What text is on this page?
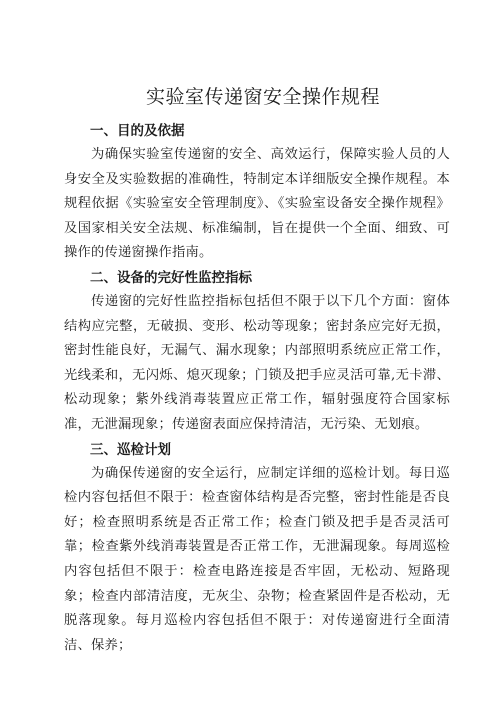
实验室传递窗安全操作规程
一、目的及依据

为确保实验室传递窗的安全、高效运行，保障实验人员的人身安全及实验数据的准确性，特制定本详细版安全操作规程。本规程依据《实验室安全管理制度》、《实验室设备安全操作规程》及国家相关安全法规、标准编制，旨在提供一个全面、细致、可操作的传递窗操作指南。

二、设备的完好性监控指标

传递窗的完好性监控指标包括但不限于以下几个方面：窗体结构应完整，无破损、变形、松动等现象；密封条应完好无损，密封性能良好，无漏气、漏水现象；内部照明系统应正常工作，光线柔和，无闪烁、熄灭现象；门锁及把手应灵活可靠,无卡滞、松动现象；紫外线消毒装置应正常工作，辐射强度符合国家标准，无泄漏现象；传递窗表面应保持清洁，无污染、无划痕。

三、巡检计划

为确保传递窗的安全运行，应制定详细的巡检计划。每日巡检内容包括但不限于：检查窗体结构是否完整，密封性能是否良好；检查照明系统是否正常工作；检查门锁及把手是否灵活可靠；检查紫外线消毒装置是否正常工作，无泄漏现象。每周巡检内容包括但不限于：检查电路连接是否牢固，无松动、短路现象；检查内部清洁度，无灰尘、杂物；检查紧固件是否松动，无脱落现象。每月巡检内容包括但不限于：对传递窗进行全面清洁、保养；
